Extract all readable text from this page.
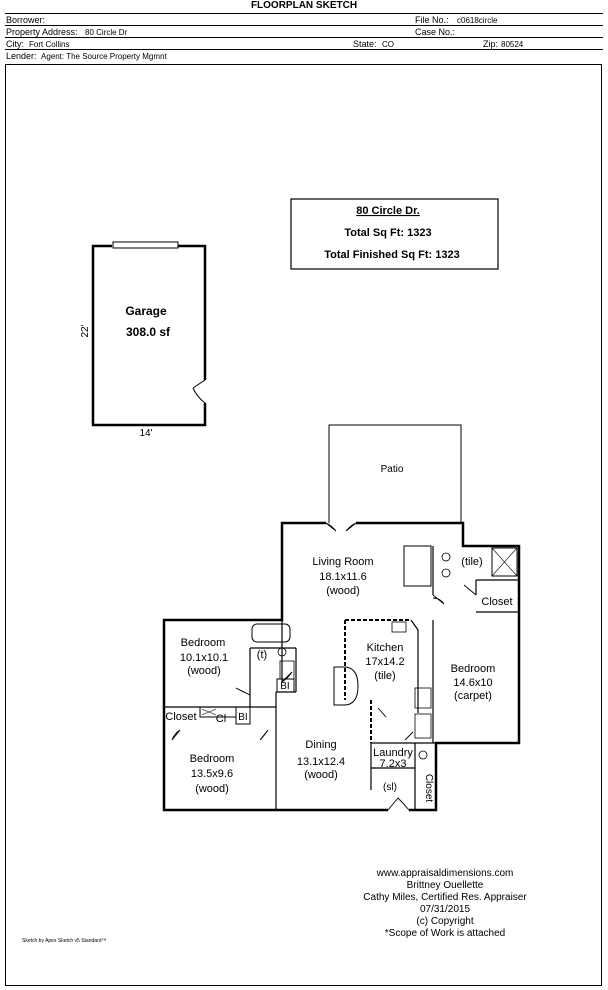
FLOORPLAN SKETCH
Borrower:	File No.: c0618circle
Property Address: 80 Circle Dr	Case No.:
City: Fort Collins	State: CO	Zip: 80524
Lender: Agent: The Source Property Mgmnt
80 Circle Dr.
Total Sq Ft: 1323
Total Finished Sq Ft: 1323
Garage
308.0 sf
22'
14'
Patio
Living Room
18.1x11.6
(wood)
Bedroom
10.1x10.1
(wood)
Kitchen
17x14.2
(tile)
Bedroom
14.6x10
(carpet)
Bedroom
13.5x9.6
(wood)
Dining
13.1x12.4
(wood)
Laundry
7.2x3
(t)
(tile)
Closet
Closet Cl
BI
BI
(sl)	Closet
www.appraisaldimensions.com
Brittney Ouellette
Cathy Miles, Certified Res. Appraiser
07/31/2015
(c) Copyright
*Scope of Work is attached
Sketch by Apex Sketch v5 Standard™
